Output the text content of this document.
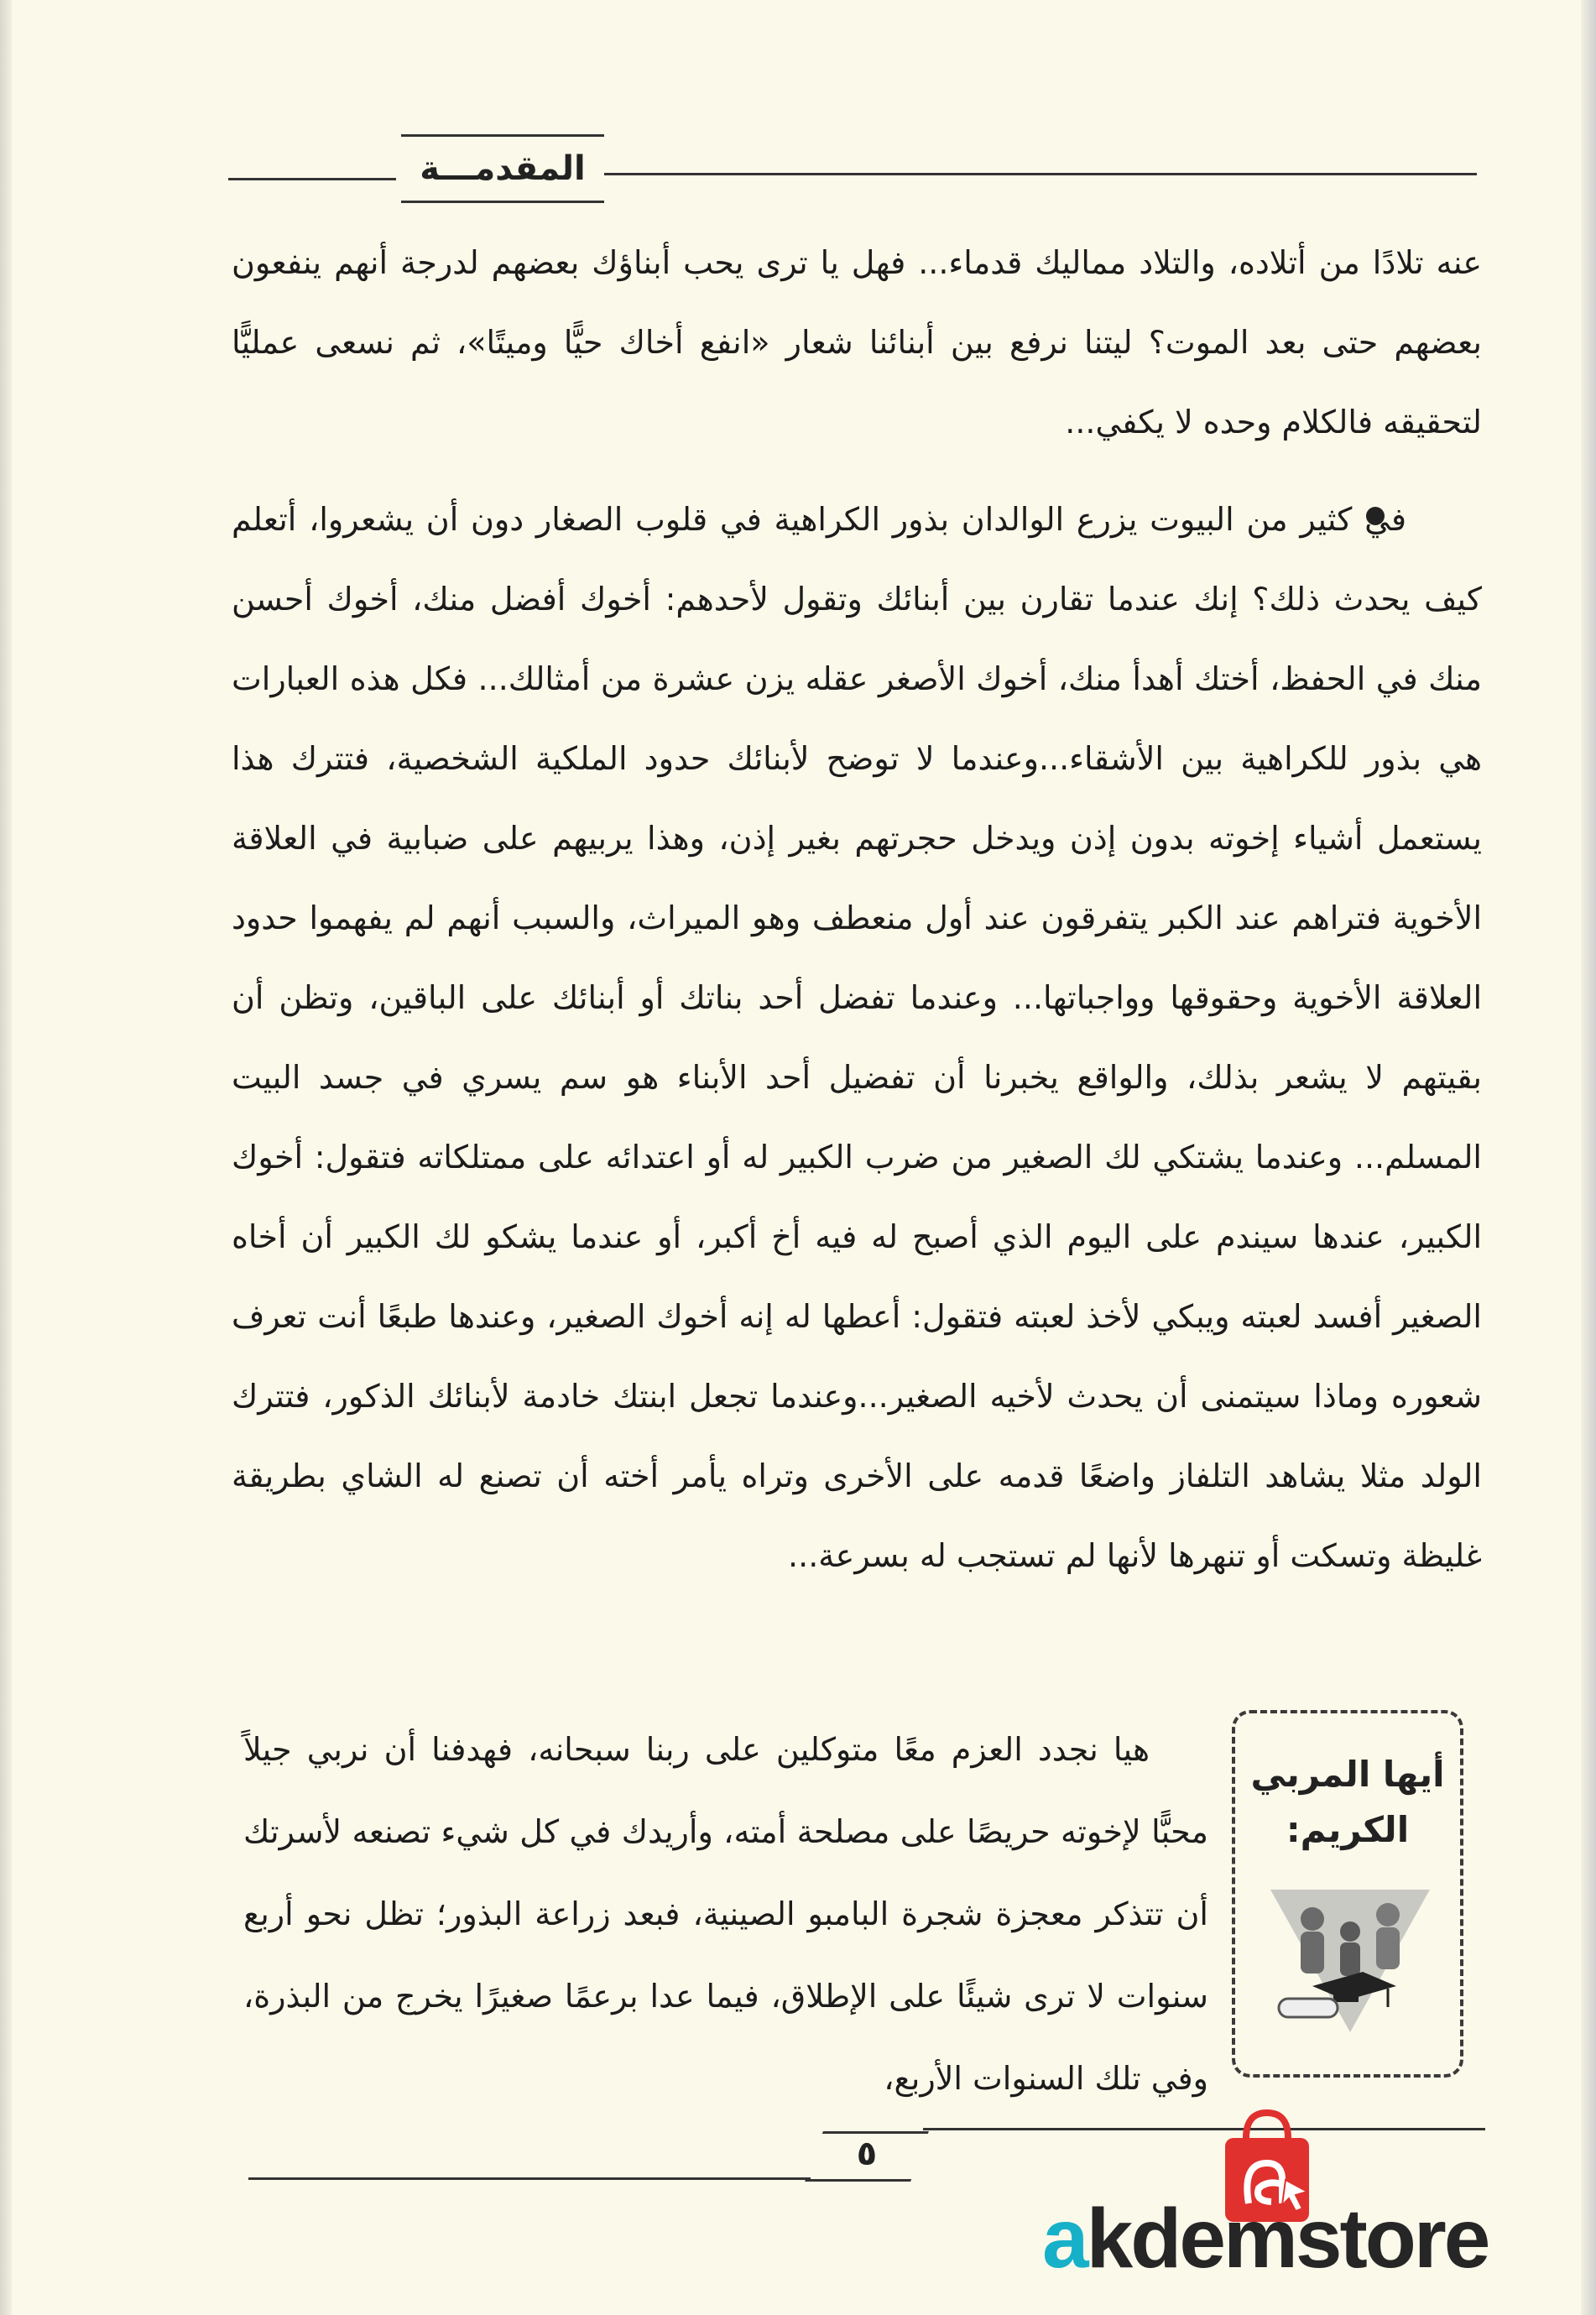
المقدمـــة
عنه تلادًا من أتلاده، والتلاد مماليك قدماء... فهل يا ترى يحب أبناؤك بعضهم لدرجة أنهم ينفعون بعضهم حتى بعد الموت؟ ليتنا نرفع بين أبنائنا شعار «انفع أخاك حيًّا وميتًا»، ثم نسعى عمليًّا لتحقيقه فالكلام وحده لا يكفي...
في كثير من البيوت يزرع الوالدان بذور الكراهية في قلوب الصغار دون أن يشعروا، أتعلم كيف يحدث ذلك؟ إنك عندما تقارن بين أبنائك وتقول لأحدهم: أخوك أفضل منك، أخوك أحسن منك في الحفظ، أختك أهدأ منك، أخوك الأصغر عقله يزن عشرة من أمثالك... فكل هذه العبارات هي بذور للكراهية بين الأشقاء...وعندما لا توضح لأبنائك حدود الملكية الشخصية، فتترك هذا يستعمل أشياء إخوته بدون إذن ويدخل حجرتهم بغير إذن، وهذا يربيهم على ضبابية في العلاقة الأخوية فتراهم عند الكبر يتفرقون عند أول منعطف وهو الميراث، والسبب أنهم لم يفهموا حدود العلاقة الأخوية وحقوقها وواجباتها... وعندما تفضل أحد بناتك أو أبنائك على الباقين، وتظن أن بقيتهم لا يشعر بذلك، والواقع يخبرنا أن تفضيل أحد الأبناء هو سم يسري في جسد البيت المسلم... وعندما يشتكي لك الصغير من ضرب الكبير له أو اعتدائه على ممتلكاته فتقول: أخوك الكبير، عندها سيندم على اليوم الذي أصبح له فيه أخ أكبر، أو عندما يشكو لك الكبير أن أخاه الصغير أفسد لعبته ويبكي لأخذ لعبته فتقول: أعطها له إنه أخوك الصغير، وعندها طبعًا أنت تعرف شعوره وماذا سيتمنى أن يحدث لأخيه الصغير...وعندما تجعل ابنتك خادمة لأبنائك الذكور، فتترك الولد مثلا يشاهد التلفاز واضعًا قدمه على الأخرى وتراه يأمر أخته أن تصنع له الشاي بطريقة غليظة وتسكت أو تنهرها لأنها لم تستجب له بسرعة...
أيها المربي الكريم:
هيا نجدد العزم معًا متوكلين على ربنا سبحانه، فهدفنا أن نربي جيلاً محبًّا لإخوته حريصًا على مصلحة أمته، وأريدك في كل شيء تصنعه لأسرتك أن تتذكر معجزة شجرة البامبو الصينية، فبعد زراعة البذور؛ تظل نحو أربع سنوات لا ترى شيئًا على الإطلاق، فيما عدا برعمًا صغيرًا يخرج من البذرة، وفي تلك السنوات الأربع،
٥
akdemstore
